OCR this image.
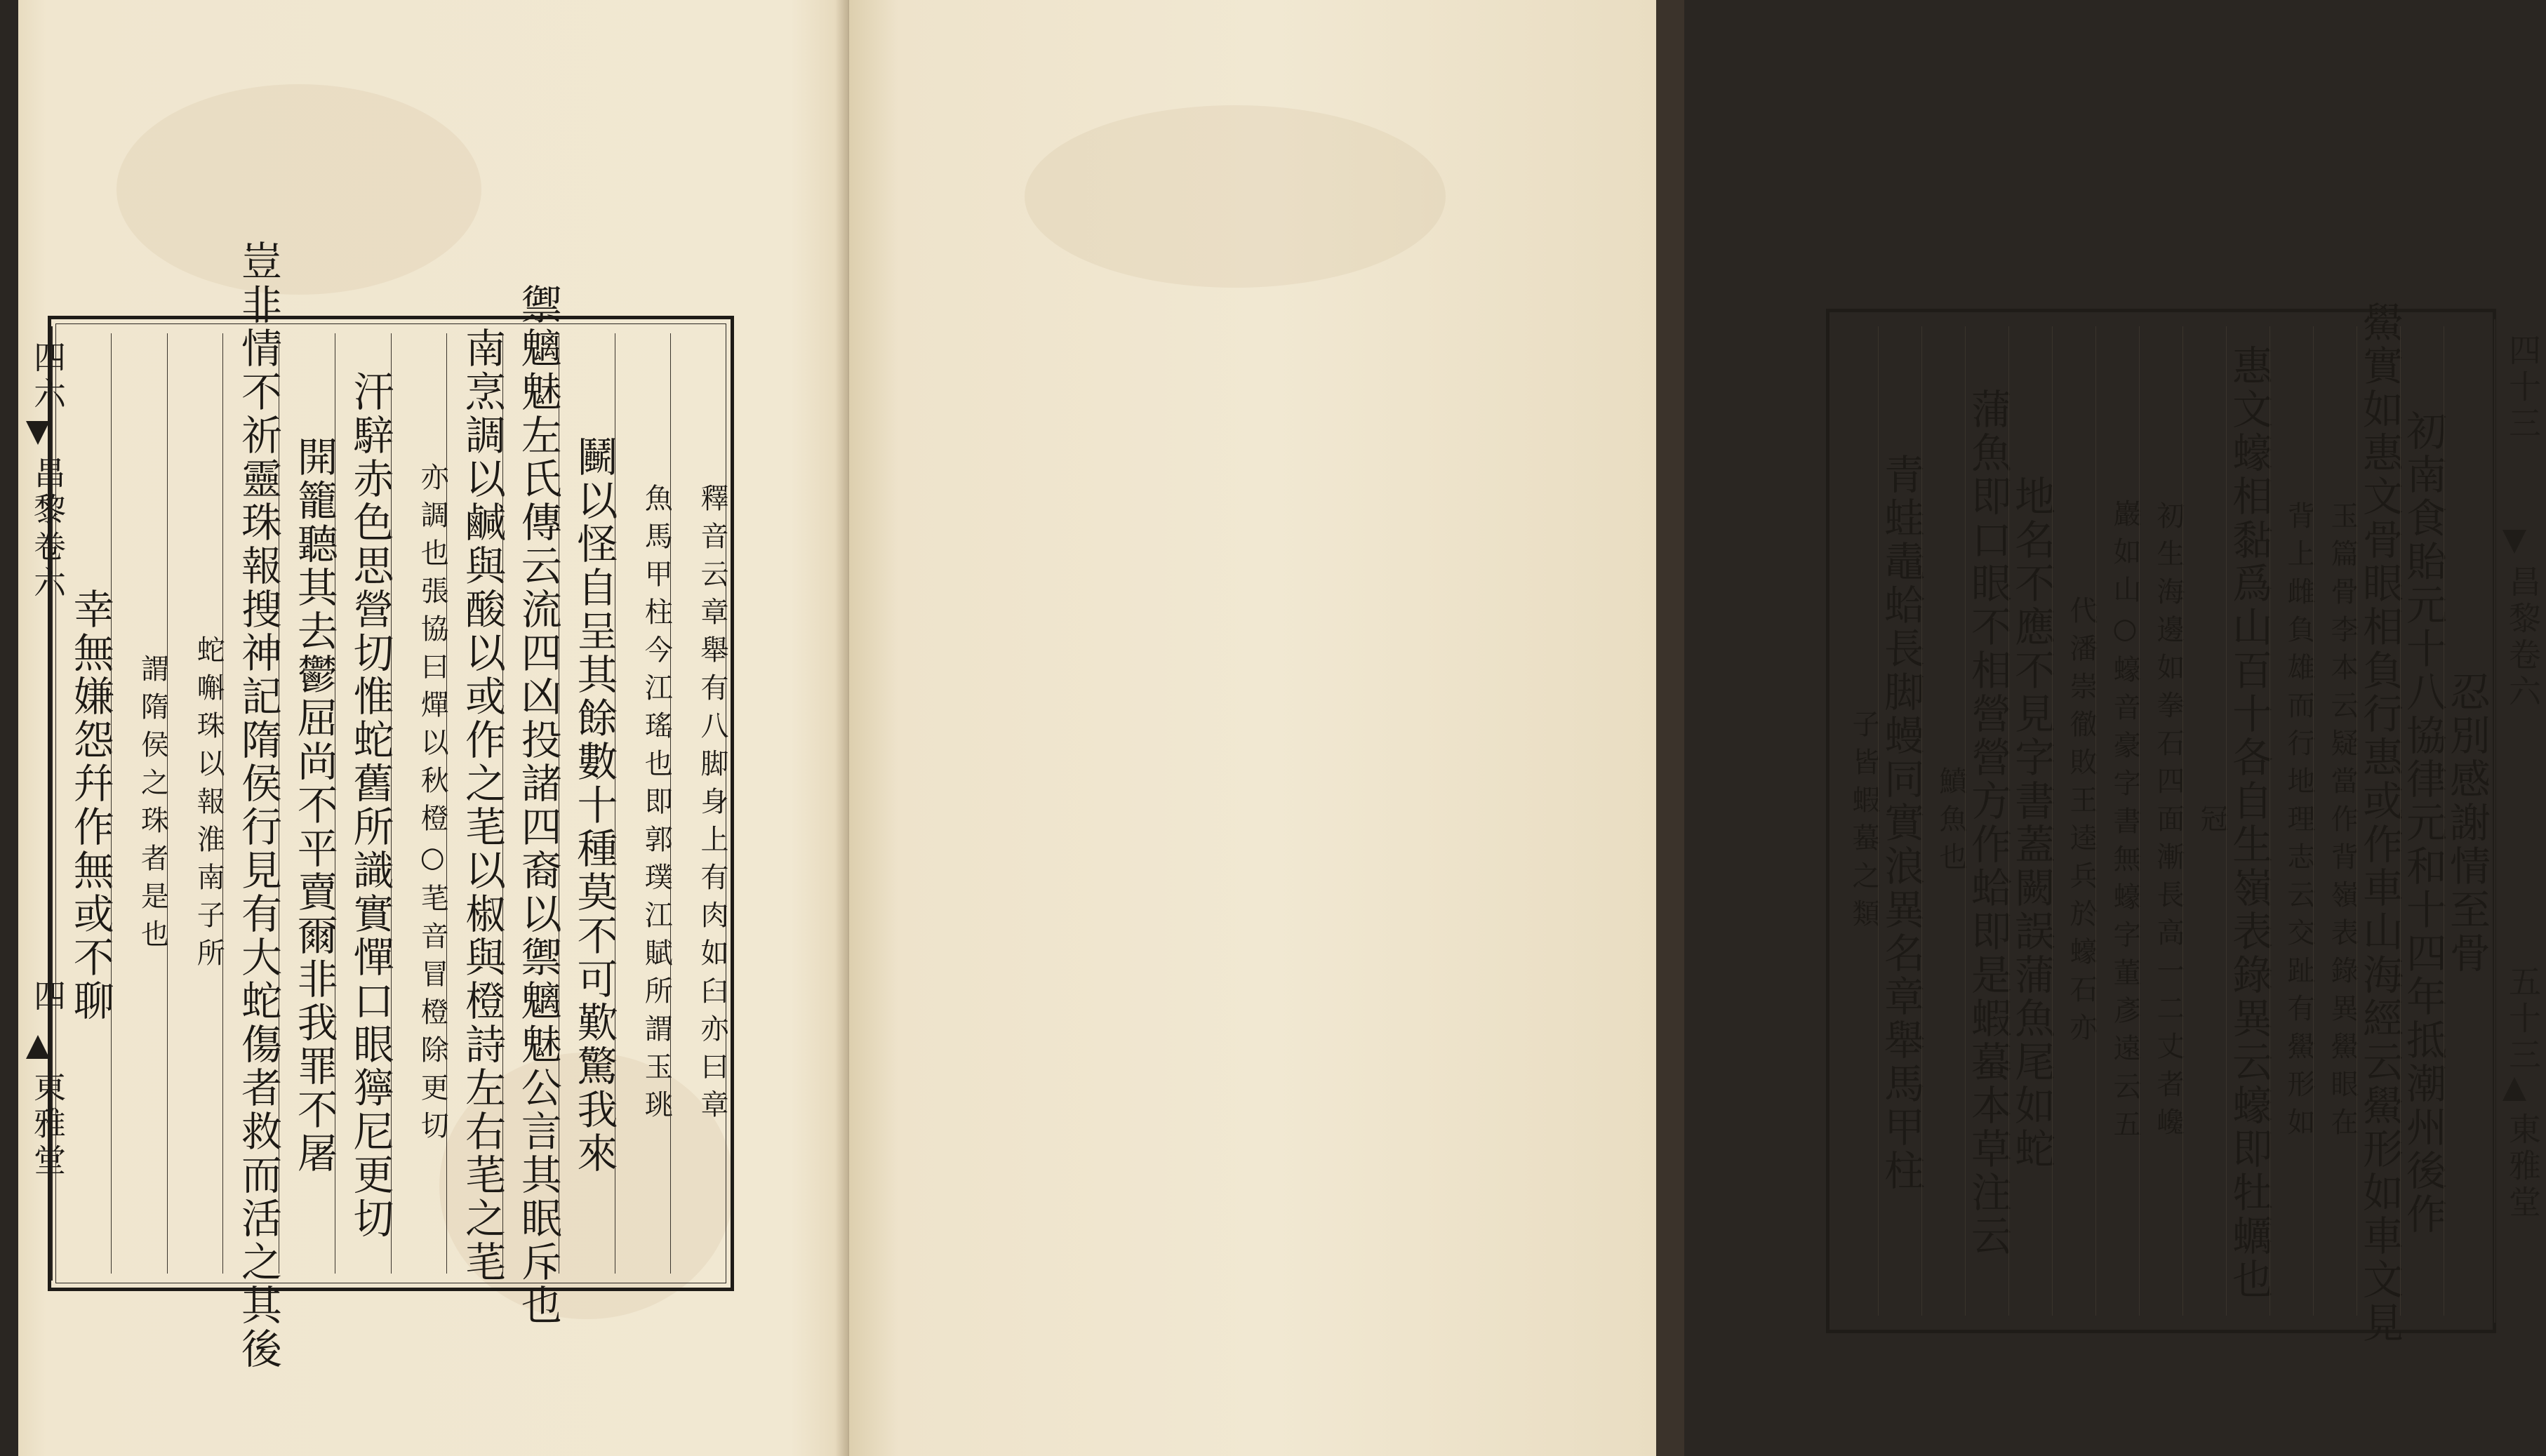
四六
昌黎卷六
四
東雅堂	釋音云章舉有八脚身上有肉如臼亦曰章
魚馬甲柱今江瑤也即郭璞江賦所謂玉珧
鬭以怪自呈其餘數十種莫不可歎驚我來
禦魑魅左氏傳云流四凶投諸四裔以禦魑魅公言其眠斥也
南烹調以鹹與酸以或作之芼以椒與橙詩左右芼之芼
亦調也張協曰燀以秋橙○芼音冒橙除更切
汗騂赤色思營切惟蛇舊所識實憚口眼獰尼更切
開籠聽其去鬱屈尚不平賣爾非我罪不屠
豈非情不祈靈珠報搜神記隋侯行見有大蛇傷者救而活之其後
蛇嘝珠以報淮南子所
謂隋侯之珠者是也
幸無嫌怨幷作無或不聊
四十三
昌黎卷六
五十三
東雅堂
忍別感謝情至骨
初南食貽元十八協律元和十四年抵潮州後作
鱟實如惠文骨眼相負行惠或作車山海經云鱟形如車文見
玉篇骨李本云疑當作背嶺表錄異鱟眼在
背上雌負雄而行地理志云交趾有鱟形如
惠文蠔相黏爲山百十各自生嶺表錄異云蠔即牡蠣也
冠
初生海邊如拳石四面漸長高一二丈者巉
巖如山○蠔音豪字書無蠔字董彥遠云五
代潘崇徹敗王逵兵於蠔石亦
地名不應不見字書蓋闕誤蒲魚尾如蛇
蒲魚即口眼不相營營方作蛤即是蝦蟇本草注云
鱝魚也
青蛙鼃蛤長脚蟃同實浪異名章舉馬甲柱
子皆蝦蟇之類
